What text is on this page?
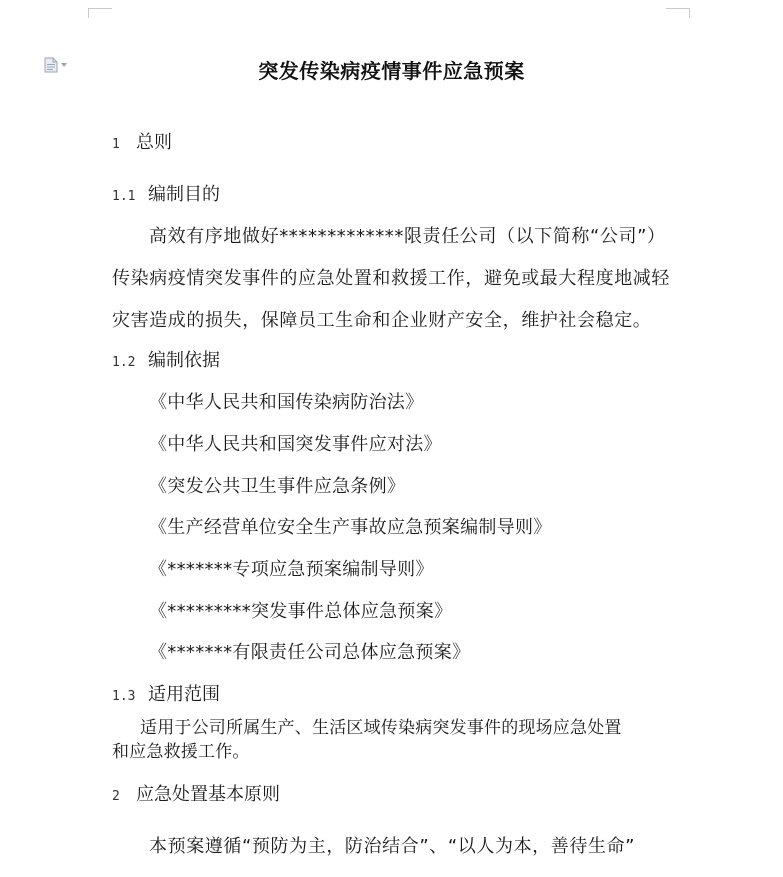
突发传染病疫情事件应急预案
1 总则
1.1 编制目的
高效有序地做好*************限责任公司（以下简称“公司”）
传染病疫情突发事件的应急处置和救援工作，避免或最大程度地减轻
灾害造成的损失，保障员工生命和企业财产安全，维护社会稳定。
1.2 编制依据
《中华人民共和国传染病防治法》
《中华人民共和国突发事件应对法》
《突发公共卫生事件应急条例》
《生产经营单位安全生产事故应急预案编制导则》
《*******专项应急预案编制导则》
《*********突发事件总体应急预案》
《*******有限责任公司总体应急预案》
1.3 适用范围
适用于公司所属生产、生活区域传染病突发事件的现场应急处置
和应急救援工作。
2 应急处置基本原则
本预案遵循“预防为主，防治结合”、“以人为本，善待生命”
